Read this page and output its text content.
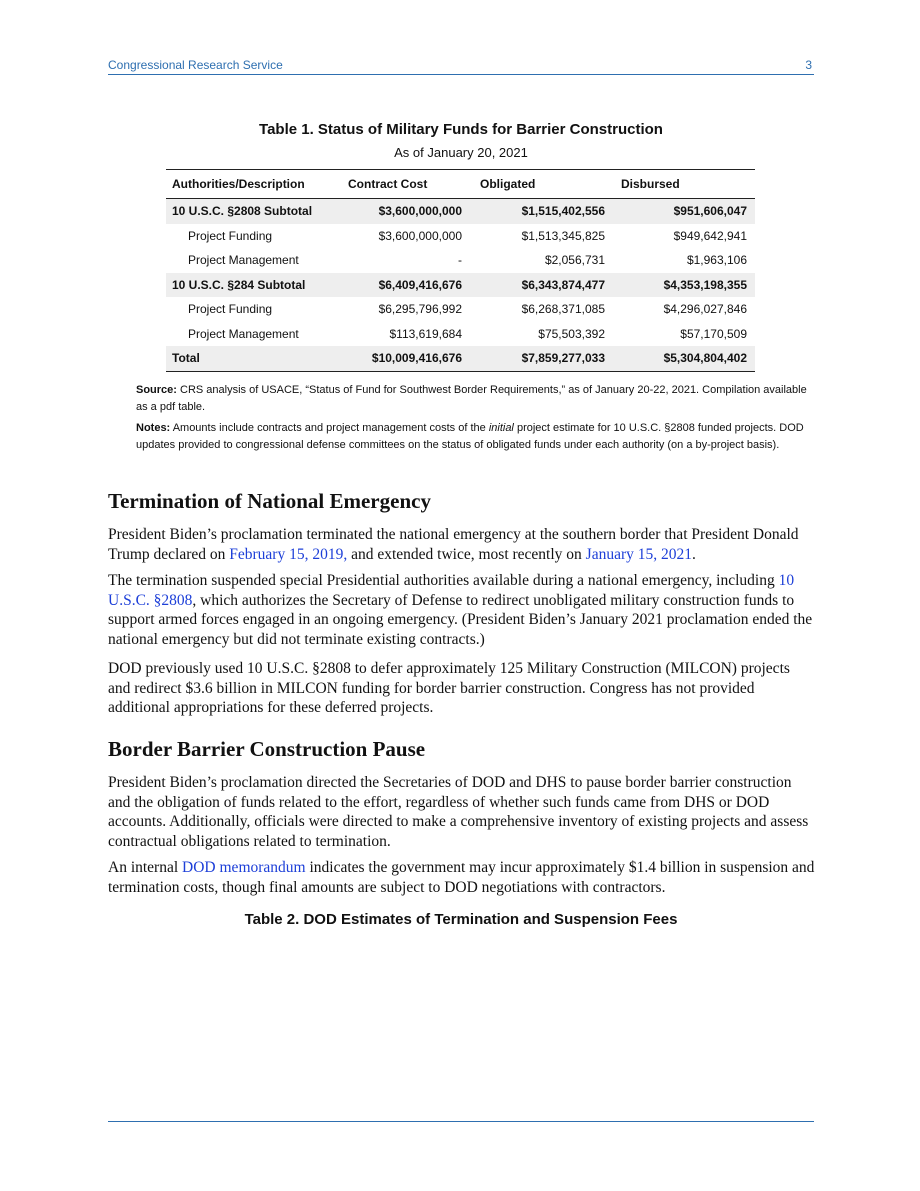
Congressional Research Service	3
Table 1. Status of Military Funds for Barrier Construction
As of January 20, 2021
Authorities/Description	Contract Cost	Obligated	Disbursed
10 U.S.C. §2808 Subtotal	$3,600,000,000	$1,515,402,556	$951,606,047
Project Funding	$3,600,000,000	$1,513,345,825	$949,642,941
Project Management	-	$2,056,731	$1,963,106
10 U.S.C. §284 Subtotal	$6,409,416,676	$6,343,874,477	$4,353,198,355
Project Funding	$6,295,796,992	$6,268,371,085	$4,296,027,846
Project Management	$113,619,684	$75,503,392	$57,170,509
Total	$10,009,416,676	$7,859,277,033	$5,304,804,402
Source: CRS analysis of USACE, “Status of Fund for Southwest Border Requirements,” as of January 20-22, 2021. Compilation available as a pdf table.
Notes: Amounts include contracts and project management costs of the initial project estimate for 10 U.S.C. §2808 funded projects. DOD updates provided to congressional defense committees on the status of obligated funds under each authority (on a by-project basis).
Termination of National Emergency

President Biden’s proclamation terminated the national emergency at the southern border that President Donald Trump declared on February 15, 2019, and extended twice, most recently on January 15, 2021.

The termination suspended special Presidential authorities available during a national emergency, including 10 U.S.C. §2808, which authorizes the Secretary of Defense to redirect unobligated military construction funds to support armed forces engaged in an ongoing emergency. (President Biden’s January 2021 proclamation ended the national emergency but did not terminate existing contracts.)

DOD previously used 10 U.S.C. §2808 to defer approximately 125 Military Construction (MILCON) projects and redirect $3.6 billion in MILCON funding for border barrier construction. Congress has not provided additional appropriations for these deferred projects.

Border Barrier Construction Pause

President Biden’s proclamation directed the Secretaries of DOD and DHS to pause border barrier construction and the obligation of funds related to the effort, regardless of whether such funds came from DHS or DOD accounts. Additionally, officials were directed to make a comprehensive inventory of existing projects and assess contractual obligations related to termination.

An internal DOD memorandum indicates the government may incur approximately $1.4 billion in suspension and termination costs, though final amounts are subject to DOD negotiations with contractors.

Table 2. DOD Estimates of Termination and Suspension Fees
